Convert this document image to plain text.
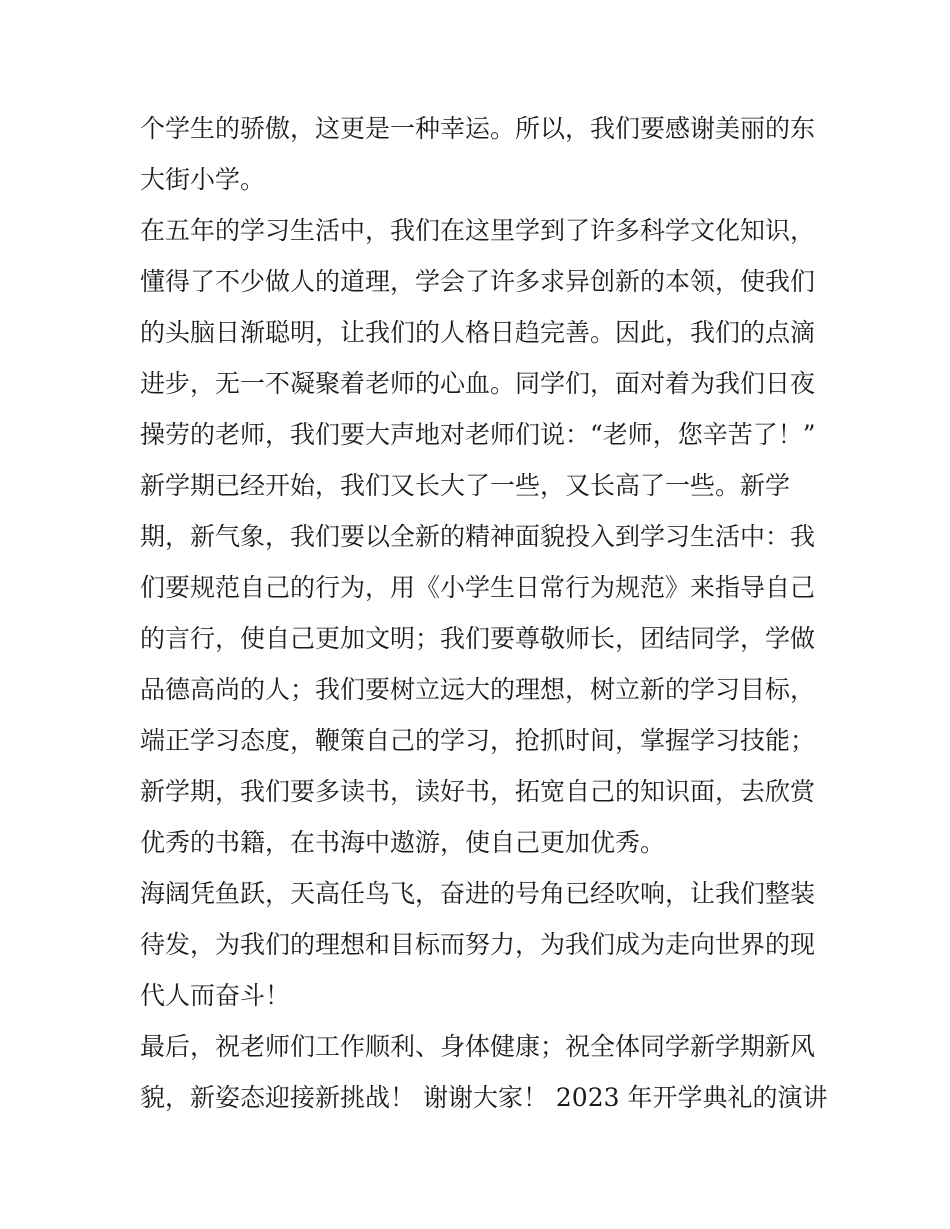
个学生的骄傲，这更是一种幸运。所以，我们要感谢美丽的东
大街小学。
在五年的学习生活中，我们在这里学到了许多科学文化知识，
懂得了不少做人的道理，学会了许多求异创新的本领，使我们
的头脑日渐聪明，让我们的人格日趋完善。因此，我们的点滴
进步，无一不凝聚着老师的心血。同学们，面对着为我们日夜
操劳的老师，我们要大声地对老师们说：“老师，您辛苦了！”
新学期已经开始，我们又长大了一些，又长高了一些。新学
期，新气象，我们要以全新的精神面貌投入到学习生活中：我
们要规范自己的行为，用《小学生日常行为规范》来指导自己
的言行，使自己更加文明；我们要尊敬师长，团结同学，学做
品德高尚的人；我们要树立远大的理想，树立新的学习目标，
端正学习态度，鞭策自己的学习，抢抓时间，掌握学习技能；
新学期，我们要多读书，读好书，拓宽自己的知识面，去欣赏
优秀的书籍，在书海中遨游，使自己更加优秀。
海阔凭鱼跃，天高任鸟飞，奋进的号角已经吹响，让我们整装
待发，为我们的理想和目标而努力，为我们成为走向世界的现
代人而奋斗！
最后，祝老师们工作顺利、身体健康；祝全体同学新学期新风
貌，新姿态迎接新挑战！ 谢谢大家！ 2023 年开学典礼的演讲
